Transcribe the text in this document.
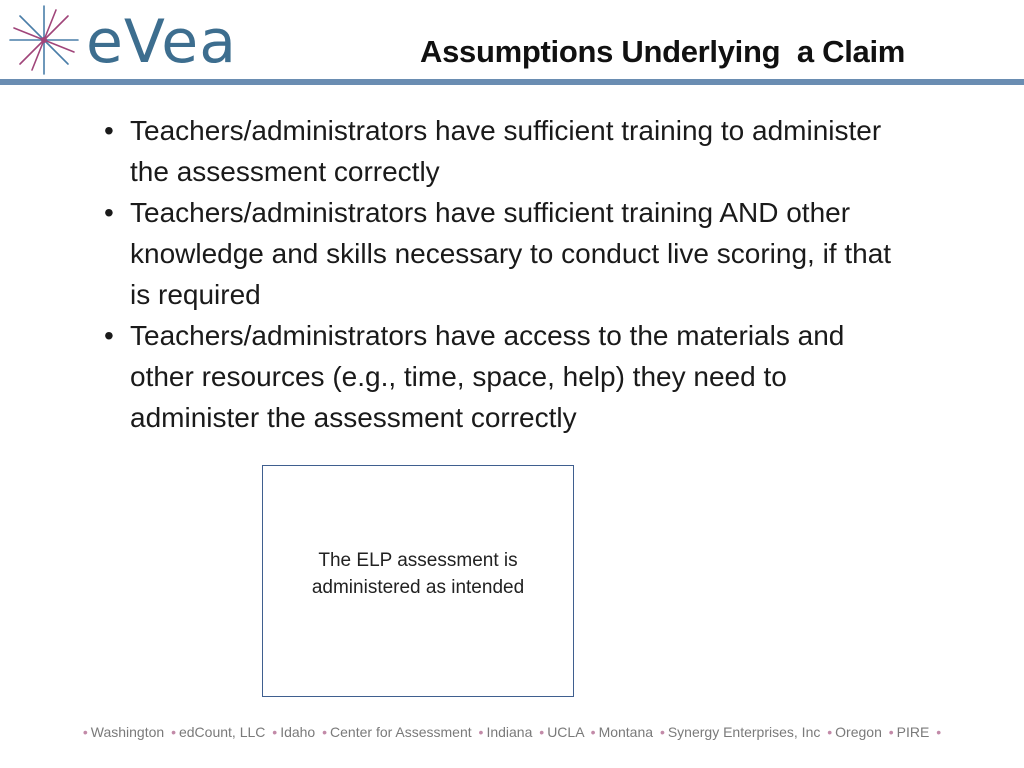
eVea	Assumptions Underlying  a Claim
• Teachers/administrators have sufficient training to administer the assessment correctly
• Teachers/administrators have sufficient training AND other knowledge and skills necessary to conduct live scoring, if that is required
• Teachers/administrators have access to the materials and other resources (e.g., time, space, help) they need to administer the assessment correctly
The ELP assessment is administered as intended
• Washington • edCount, LLC • Idaho • Center for Assessment • Indiana • UCLA • Montana • Synergy Enterprises, Inc • Oregon • PIRE •
